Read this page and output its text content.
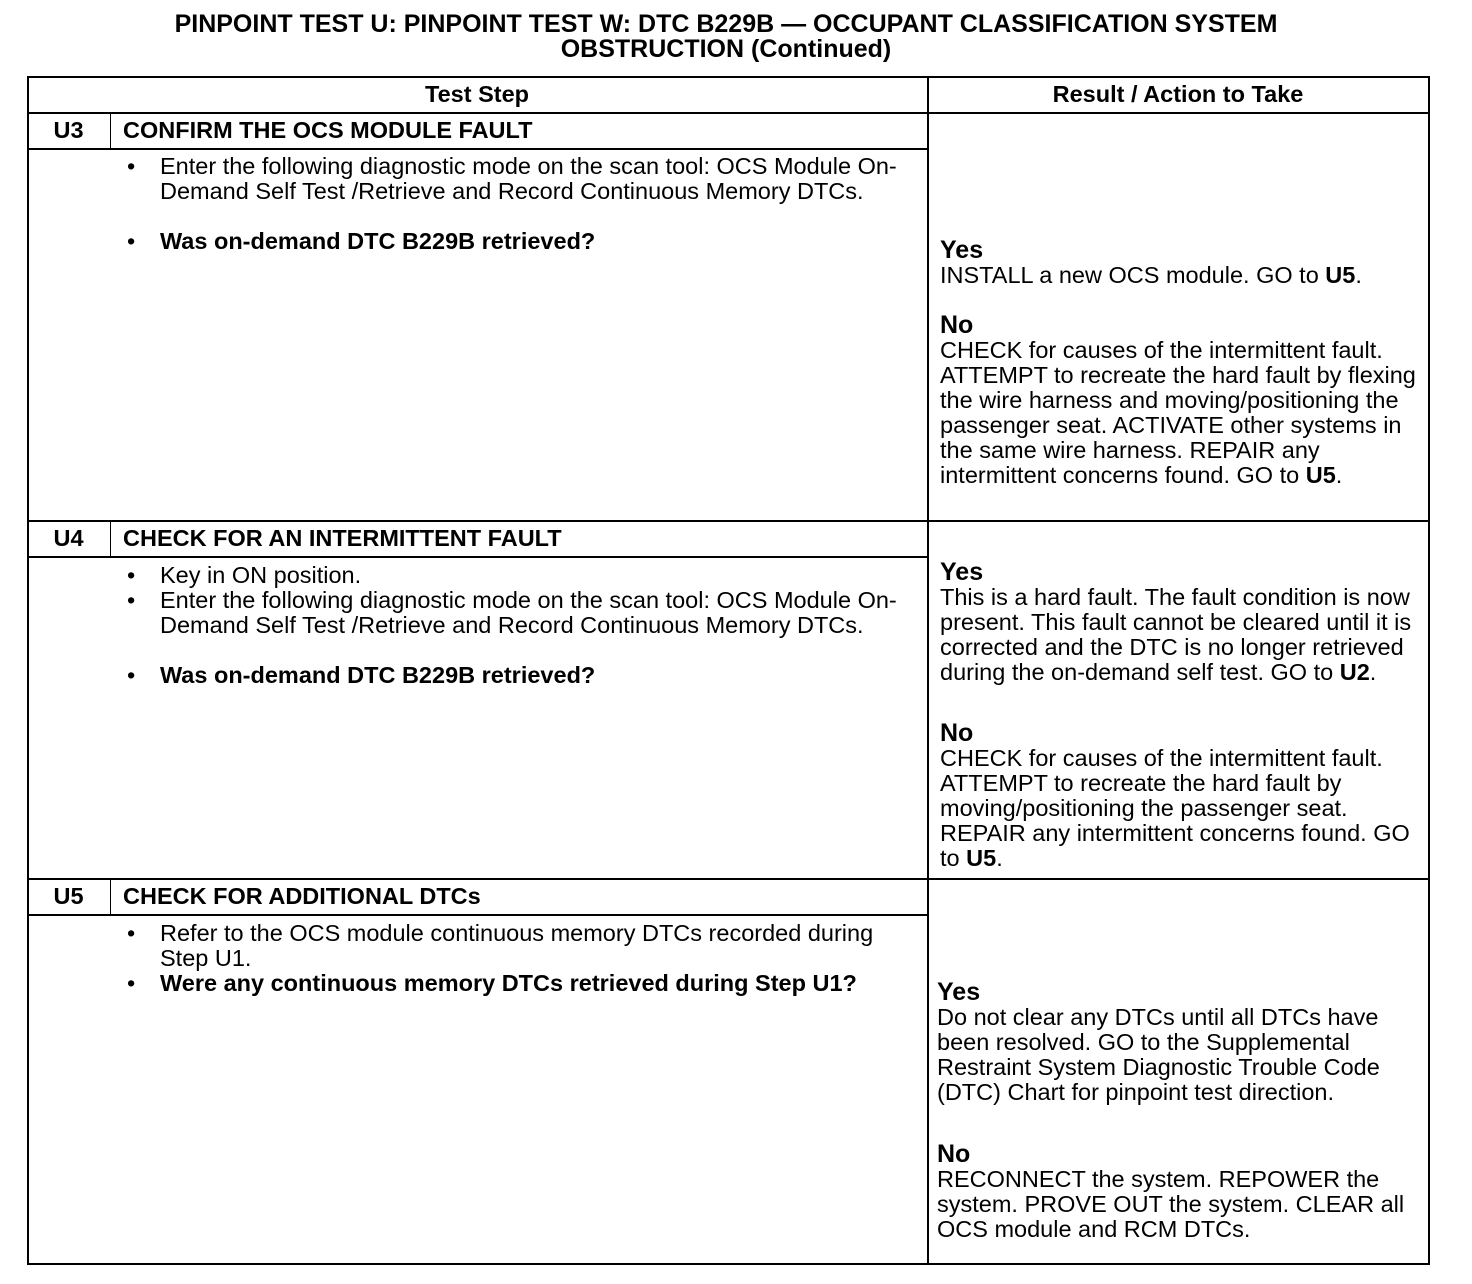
PINPOINT TEST U: PINPOINT TEST W: DTC B229B — OCCUPANT CLASSIFICATION SYSTEM
OBSTRUCTION (Continued)
Test Step	Result / Action to Take
U3	CONFIRM THE OCS MODULE FAULT
• Enter the following diagnostic mode on the scan tool: OCS Module On-Demand Self Test /Retrieve and Record Continuous Memory DTCs.
• Was on-demand DTC B229B retrieved?	Yes
INSTALL a new OCS module. GO to U5.
No
CHECK for causes of the intermittent fault. ATTEMPT to recreate the hard fault by flexing the wire harness and moving/positioning the passenger seat. ACTIVATE other systems in the same wire harness. REPAIR any intermittent concerns found. GO to U5.
U4	CHECK FOR AN INTERMITTENT FAULT
• Key in ON position.
• Enter the following diagnostic mode on the scan tool: OCS Module On-Demand Self Test /Retrieve and Record Continuous Memory DTCs.
• Was on-demand DTC B229B retrieved?
Yes
This is a hard fault. The fault condition is now present. This fault cannot be cleared until it is corrected and the DTC is no longer retrieved during the on-demand self test. GO to U2.
No
CHECK for causes of the intermittent fault. ATTEMPT to recreate the hard fault by moving/positioning the passenger seat. REPAIR any intermittent concerns found. GO to U5.
U5	CHECK FOR ADDITIONAL DTCs
• Refer to the OCS module continuous memory DTCs recorded during Step U1.
• Were any continuous memory DTCs retrieved during Step U1?	Yes
Do not clear any DTCs until all DTCs have been resolved. GO to the Supplemental Restraint System Diagnostic Trouble Code (DTC) Chart for pinpoint test direction.
No
RECONNECT the system. REPOWER the system. PROVE OUT the system. CLEAR all OCS module and RCM DTCs.
